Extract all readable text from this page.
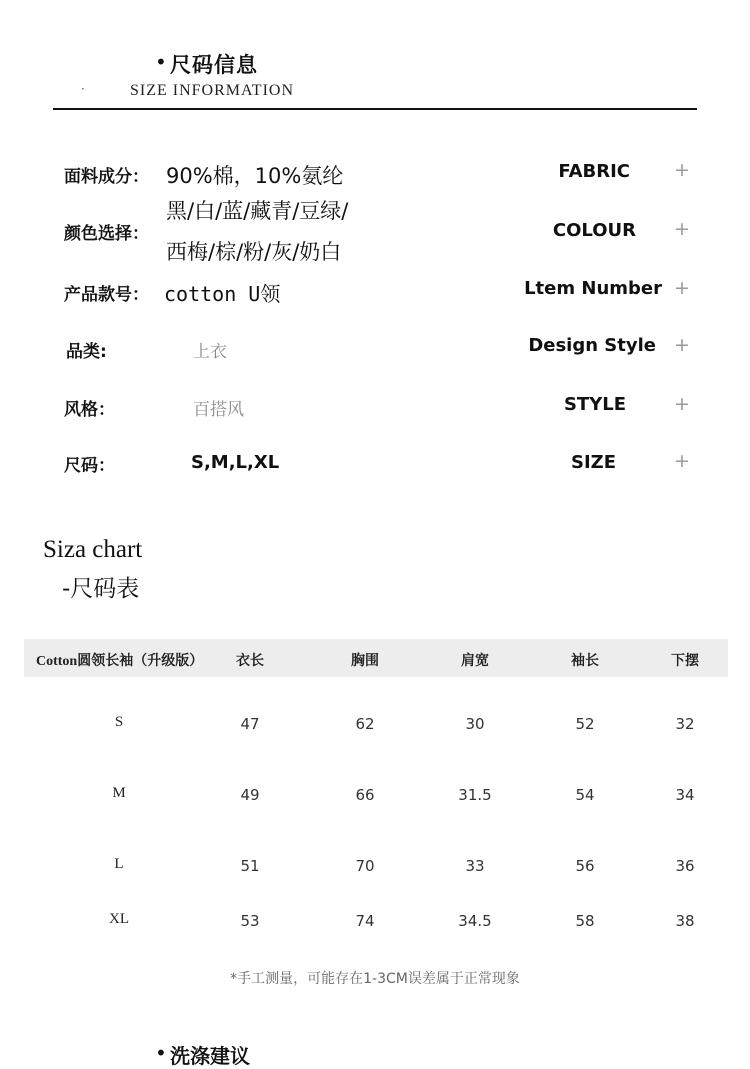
• 尺码信息
·	SIZE INFORMATION
面料成分： 90%棉，10%氨纶	FABRIC +
颜色选择：
黑/白/蓝/藏青/豆绿/
西梅/棕/粉/灰/奶白
COLOUR +
产品款号： cotton U领	Ltem Number +
品类:	上衣	Design Style +
风格：	百搭风	STYLE	+
尺码：	S,M,L,XL	SIZE	+
Siza chart
-尺码表
Cotton圆领长袖（升级版）	衣长	胸围	肩宽	袖长	下摆
S	47	62	30	52	32
M	49	66	31.5	54	34
L	51	70	33	56	36
XL	53	74	34.5	58	38
*手工测量，可能存在1-3CM误差属于正常现象
• 洗涤建议
